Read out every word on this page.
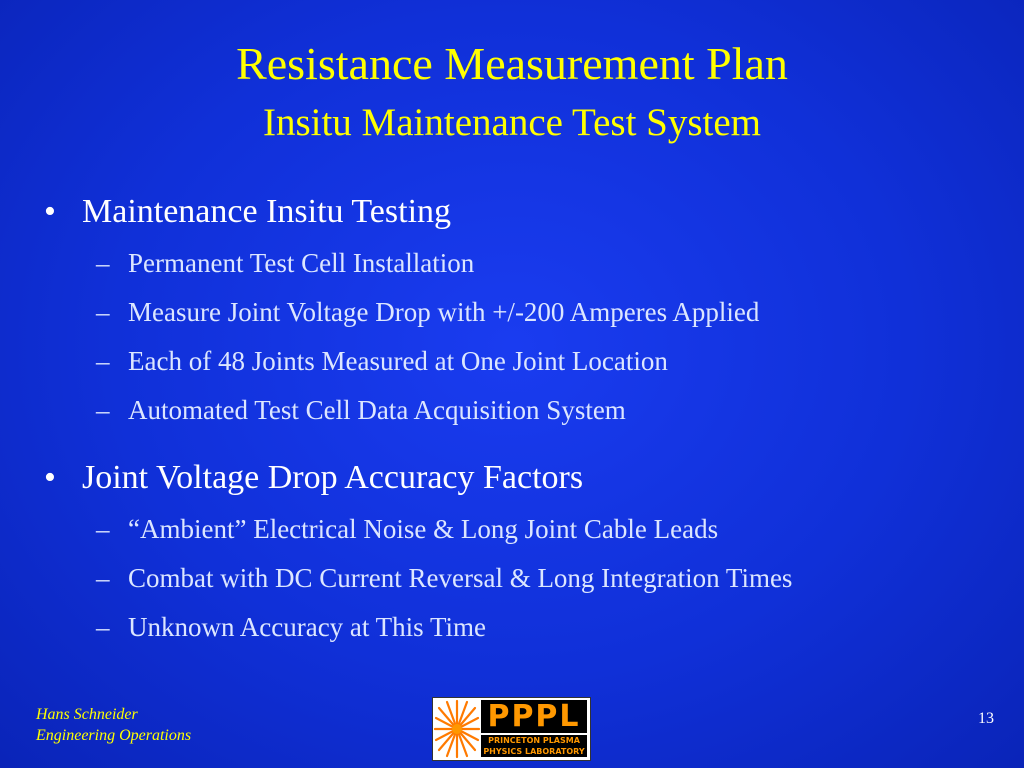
Resistance Measurement Plan
Insitu Maintenance Test System
• Maintenance Insitu Testing
– Permanent Test Cell Installation
– Measure Joint Voltage Drop with +/-200 Amperes Applied
– Each of 48 Joints Measured at One Joint Location
– Automated Test Cell Data Acquisition System
• Joint Voltage Drop Accuracy Factors
– “Ambient” Electrical Noise & Long Joint Cable Leads
– Combat with DC Current Reversal & Long Integration Times
– Unknown Accuracy at This Time
Hans Schneider
Engineering Operations
PPPL
PRINCETON PLASMA
PHYSICS LABORATORY
13
